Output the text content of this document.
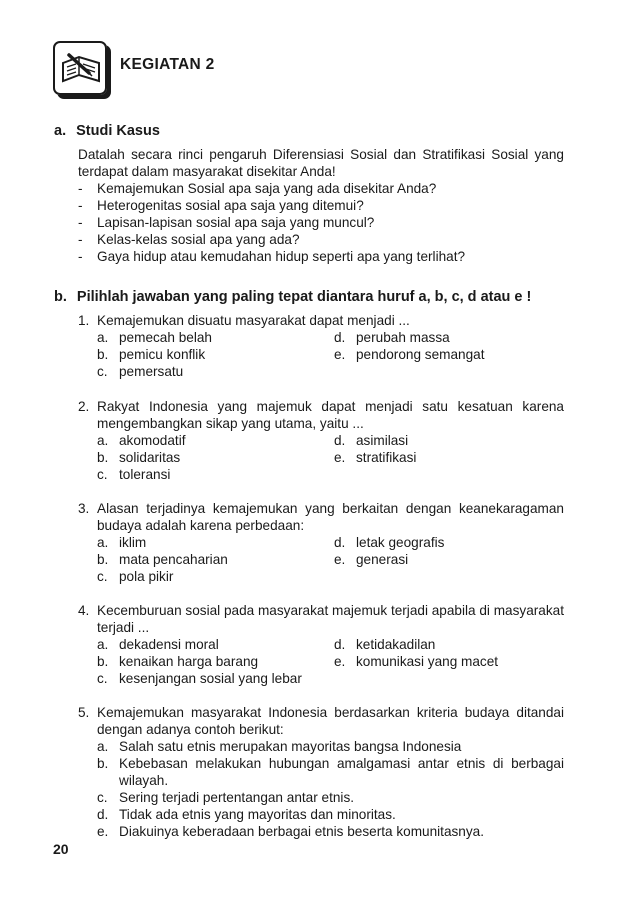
KEGIATAN 2
a. Studi Kasus
Datalah secara rinci pengaruh Diferensiasi Sosial dan Stratifikasi Sosial yang terdapat dalam masyarakat disekitar Anda!
- Kemajemukan Sosial apa saja yang ada disekitar Anda?
- Heterogenitas sosial apa saja yang ditemui?
- Lapisan-lapisan sosial apa saja yang muncul?
- Kelas-kelas sosial apa yang ada?
- Gaya hidup atau kemudahan hidup seperti apa yang terlihat?
b. Pilihlah jawaban yang paling tepat diantara huruf a, b, c, d atau e !
1. Kemajemukan disuatu masyarakat dapat menjadi ...
a. pemecah belah
b. pemicu konflik
c. pemersatu
d. perubah massa
e. pendorong semangat
2. Rakyat Indonesia yang majemuk dapat menjadi satu kesatuan karena mengembangkan sikap yang utama, yaitu ...
a. akomodatif
b. solidaritas
c. toleransi
d. asimilasi
e. stratifikasi
3. Alasan terjadinya kemajemukan yang berkaitan dengan keanekaragaman budaya adalah karena perbedaan:
a. iklim
b. mata pencaharian
c. pola pikir
d. letak geografis
e. generasi
4. Kecemburuan sosial pada masyarakat majemuk terjadi apabila di masyarakat terjadi ...
a. dekadensi moral
b. kenaikan harga barang
c. kesenjangan sosial yang lebar
d. ketidakadilan
e. komunikasi yang macet
5. Kemajemukan masyarakat Indonesia berdasarkan kriteria budaya ditandai dengan adanya contoh berikut:
a. Salah satu etnis merupakan mayoritas bangsa Indonesia
b. Kebebasan melakukan hubungan amalgamasi antar etnis di berbagai wilayah.
c. Sering terjadi pertentangan antar etnis.
d. Tidak ada etnis yang mayoritas dan minoritas.
e. Diakuinya keberadaan berbagai etnis beserta komunitasnya.
20
